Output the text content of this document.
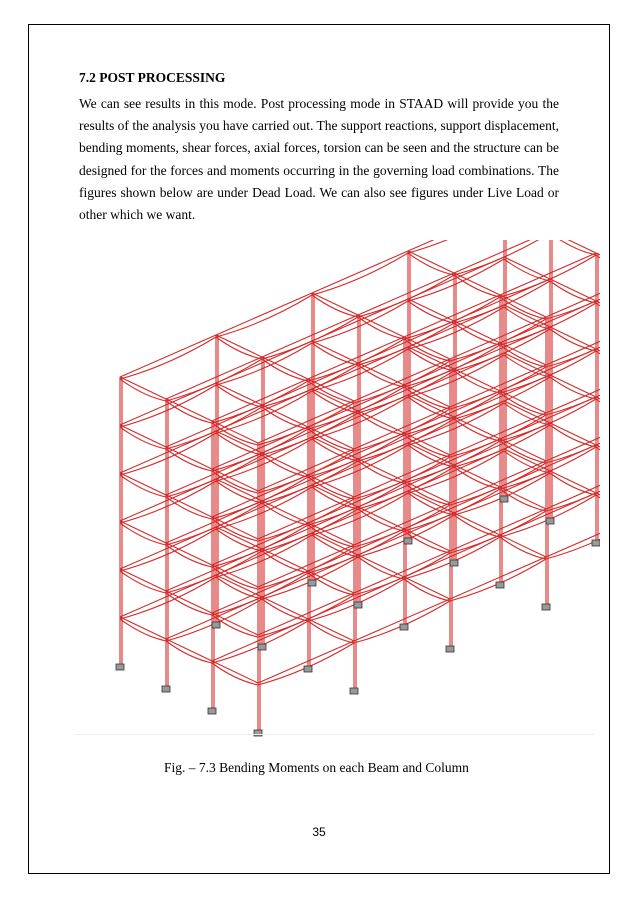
7.2 POST PROCESSING

We can see results in this mode. Post processing mode in STAAD will provide you the results of the analysis you have carried out. The support reactions, support displacement, bending moments, shear forces, axial forces, torsion can be seen and the structure can be designed for the forces and moments occurring in the governing load combinations. The figures shown below are under Dead Load. We can also see figures under Live Load or other which we want.

Fig. – 7.3 Bending Moments on each Beam and Column
35
